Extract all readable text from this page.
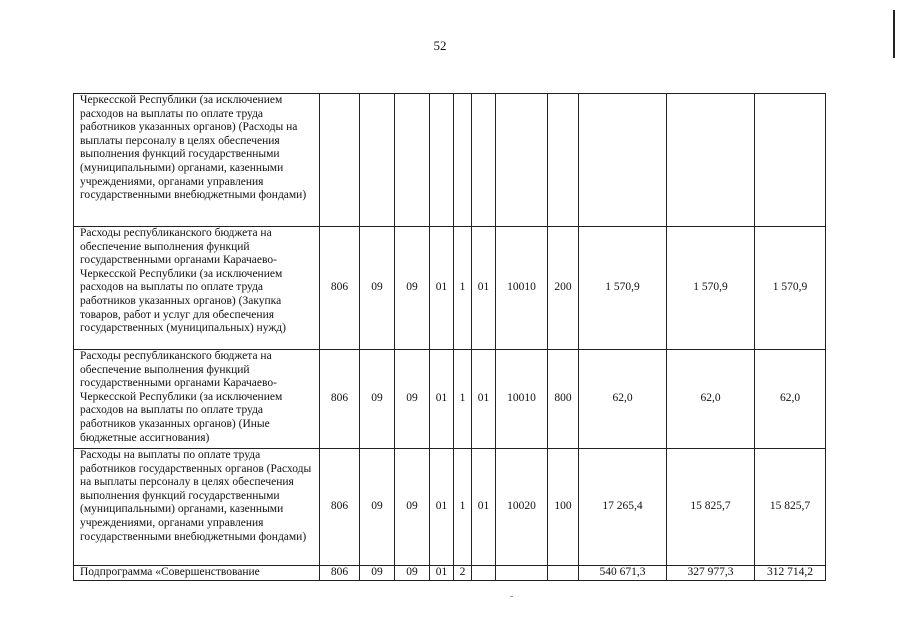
52
Черкесской Республики (за исключением расходов на выплаты по оплате труда работников указанных органов) (Расходы на выплаты персоналу в целях обеспечения выполнения функций государственными (муниципальными) органами, казенными учреждениями, органами управления государственными внебюджетными фондами)											
Расходы республиканского бюджета на обеспечение выполнения функций государственными органами Карачаево-Черкесской Республики (за исключением расходов на выплаты по оплате труда работников указанных органов) (Закупка товаров, работ и услуг для обеспечения государственных (муниципальных) нужд)	806	09	09	01	1	01	10010	200	1 570,9	1 570,9	1 570,9
Расходы республиканского бюджета на обеспечение выполнения функций государственными органами Карачаево-Черкесской Республики (за исключением расходов на выплаты по оплате труда работников указанных органов) (Иные бюджетные ассигнования)	806	09	09	01	1	01	10010	800	62,0	62,0	62,0
Расходы на выплаты по оплате труда работников государственных органов (Расходы на выплаты персоналу в целях обеспечения выполнения функций государственными (муниципальными) органами, казенными учреждениями, органами управления государственными внебюджетными фондами)	806	09	09	01	1	01	10020	100	17 265,4	15 825,7	15 825,7
Подпрограмма «Совершенствование	806	09	09	01	2				540 671,3	327 977,3	312 714,2
